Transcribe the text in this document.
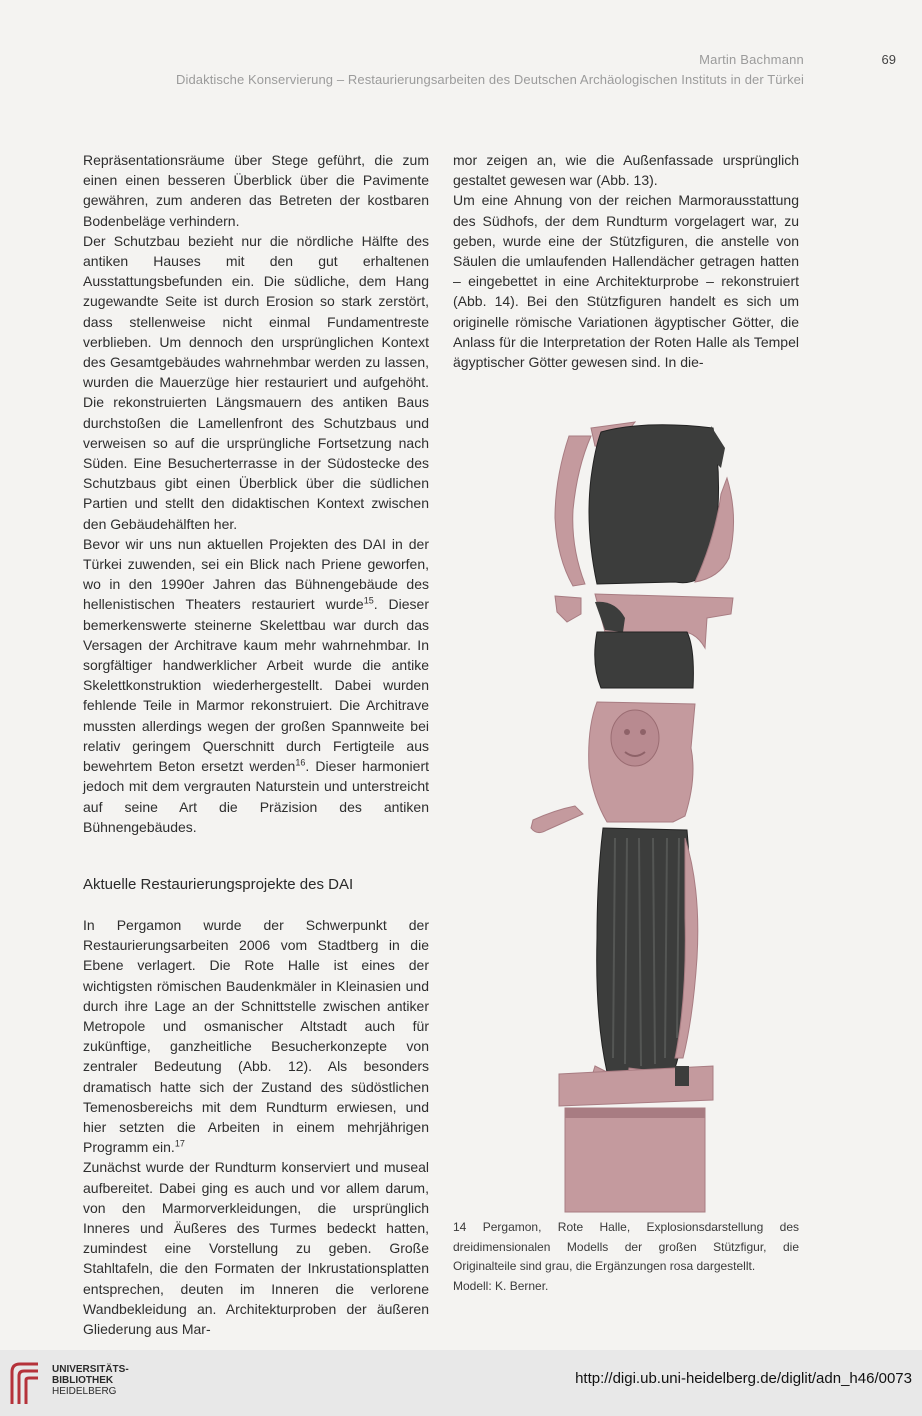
Martin Bachmann	69
Didaktische Konservierung – Restaurierungsarbeiten des Deutschen Archäologischen Instituts in der Türkei

Repräsentationsräume über Stege geführt, die zum einen einen besseren Überblick über die Pavimente gewähren, zum anderen das Betreten der kostbaren Bodenbeläge verhindern.

Der Schutzbau bezieht nur die nördliche Hälfte des antiken Hauses mit den gut erhaltenen Ausstattungsbefunden ein. Die südliche, dem Hang zugewandte Seite ist durch Erosion so stark zerstört, dass stellenweise nicht einmal Fundamentreste verblieben. Um dennoch den ursprünglichen Kontext des Gesamtgebäudes wahrnehmbar werden zu lassen, wurden die Mauerzüge hier restauriert und aufgehöht. Die rekonstruierten Längsmauern des antiken Baus durchstoßen die Lamellenfront des Schutzbaus und verweisen so auf die ursprüngliche Fortsetzung nach Süden. Eine Besucherterrasse in der Südostecke des Schutzbaus gibt einen Überblick über die südlichen Partien und stellt den didaktischen Kontext zwischen den Gebäudehälften her.

Bevor wir uns nun aktuellen Projekten des DAI in der Türkei zuwenden, sei ein Blick nach Priene geworfen, wo in den 1990er Jahren das Bühnengebäude des hellenistischen Theaters restauriert wurde$^{15}$. Dieser bemerkenswerte steinerne Skelettbau war durch das Versagen der Architrave kaum mehr wahrnehmbar. In sorgfältiger handwerklicher Arbeit wurde die antike Skelettkonstruktion wiederhergestellt. Dabei wurden fehlende Teile in Marmor rekonstruiert. Die Architrave mussten allerdings wegen der großen Spannweite bei relativ geringem Querschnitt durch Fertigteile aus bewehrtem Beton ersetzt werden$^{16}$. Dieser harmoniert jedoch mit dem vergrauten Naturstein und unterstreicht auf seine Art die Präzision des antiken Bühnengebäudes.

Aktuelle Restaurierungsprojekte des DAI

In Pergamon wurde der Schwerpunkt der Restaurierungsarbeiten 2006 vom Stadtberg in die Ebene verlagert. Die Rote Halle ist eines der wichtigsten römischen Baudenkmäler in Kleinasien und durch ihre Lage an der Schnittstelle zwischen antiker Metropole und osmanischer Altstadt auch für zukünftige, ganzheitliche Besucherkonzepte von zentraler Bedeutung (Abb. 12). Als besonders dramatisch hatte sich der Zustand des südöstlichen Temenosbereichs mit dem Rundturm erwiesen, und hier setzten die Arbeiten in einem mehrjährigen Programm ein.$^{17}$

Zunächst wurde der Rundturm konserviert und museal aufbereitet. Dabei ging es auch und vor allem darum, von den Marmorverkleidungen, die ursprünglich Inneres und Äußeres des Turmes bedeckt hatten, zumindest eine Vorstellung zu geben. Große Stahltafeln, die den Formaten der Inkrustationsplatten entsprechen, deuten im Inneren die verlorene Wandbekleidung an. Architekturproben der äußeren Gliederung aus Mar-

mor zeigen an, wie die Außenfassade ursprünglich gestaltet gewesen war (Abb. 13).

Um eine Ahnung von der reichen Marmorausstattung des Südhofs, der dem Rundturm vorgelagert war, zu geben, wurde eine der Stützfiguren, die anstelle von Säulen die umlaufenden Hallendächer getragen hatten – eingebettet in eine Architekturprobe – rekonstruiert (Abb. 14). Bei den Stützfiguren handelt es sich um originelle römische Variationen ägyptischer Götter, die Anlass für die Interpretation der Roten Halle als Tempel ägyptischer Götter gewesen sind. In die-

14 Pergamon, Rote Halle, Explosionsdarstellung des dreidimensionalen Modells der großen Stützfigur, die Originalteile sind grau, die Ergänzungen rosa dargestellt.

Modell: K. Berner.

UNIVERSITÄTS-
BIBLIOTHEK
HEIDELBERG
http://digi.ub.uni-heidelberg.de/diglit/adn_h46/0073
